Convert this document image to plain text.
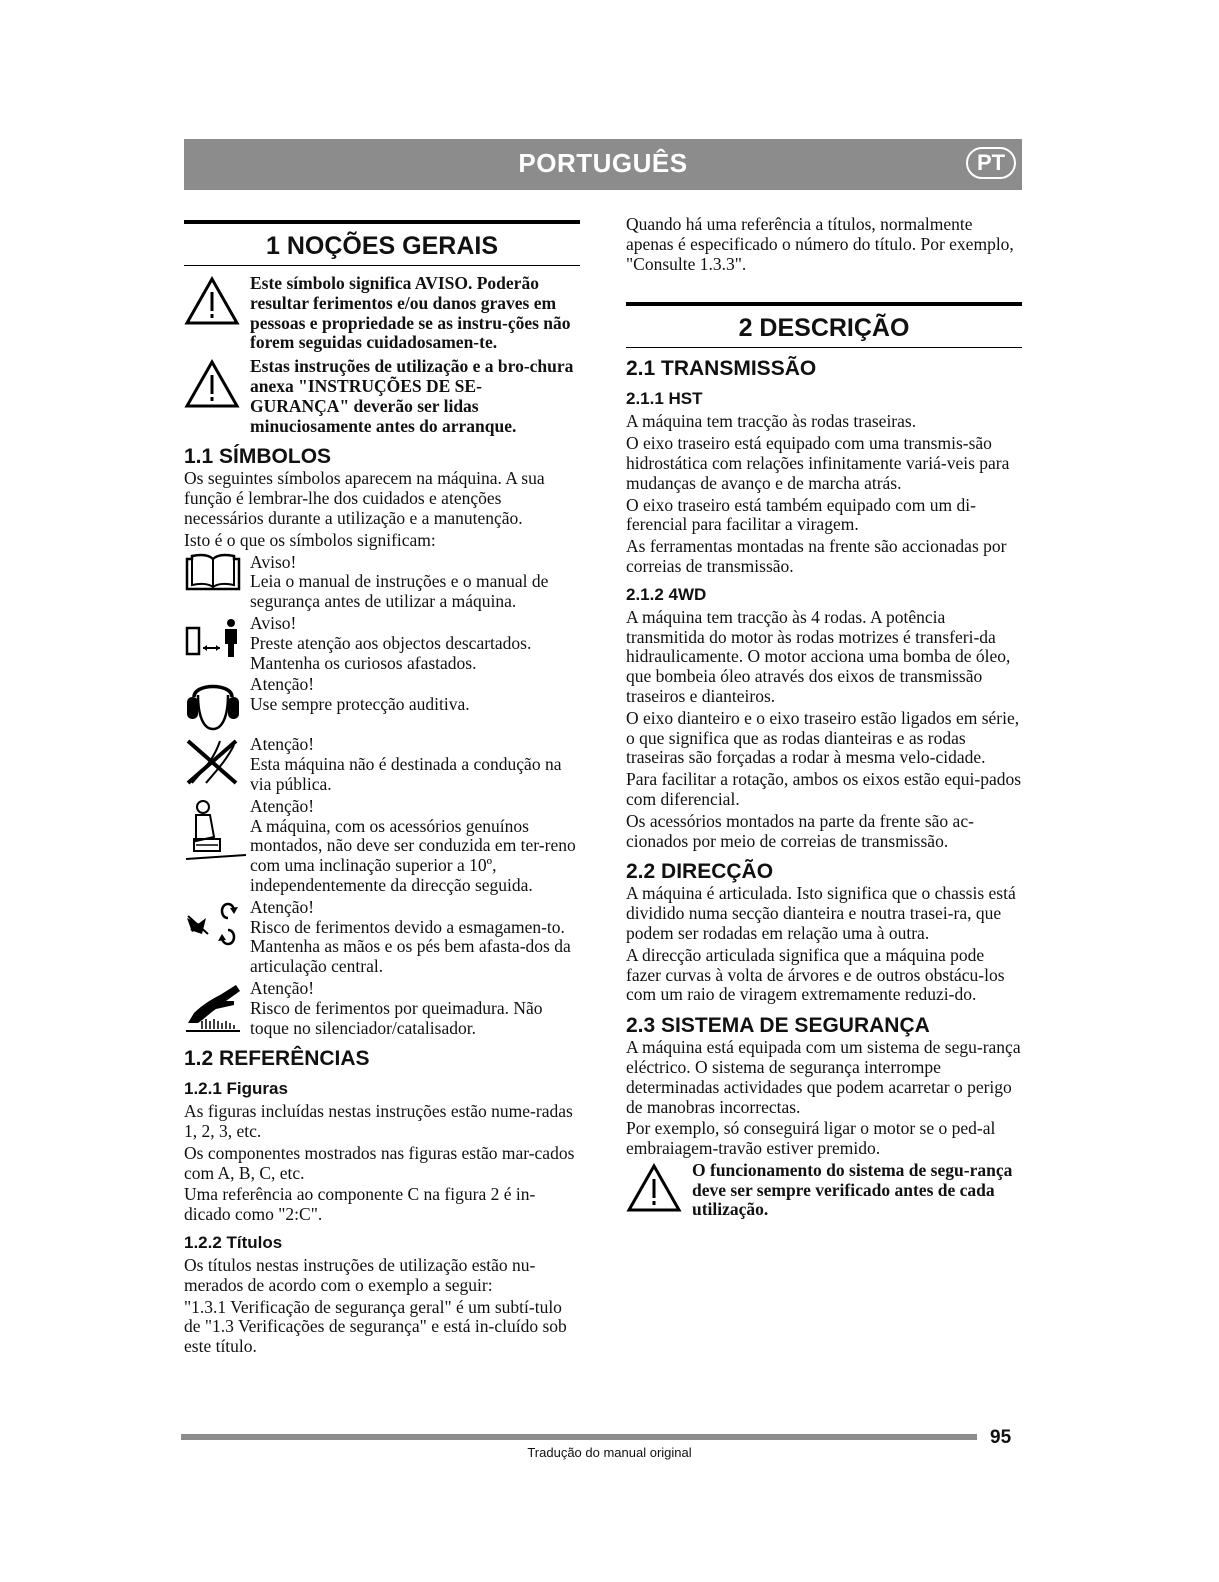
PORTUGUÊS	PT
1 NOÇÕES GERAIS
Este símbolo significa AVISO. Poderão resultar ferimentos e/ou danos graves em pessoas e propriedade se as instru-ções não forem seguidas cuidadosamen-te.
Estas instruções de utilização e a bro-chura anexa "INSTRUÇÕES DE SE-GURANÇA" deverão ser lidas minuciosamente antes do arranque.
1.1 SÍMBOLOS

Os seguintes símbolos aparecem na máquina. A sua função é lembrar-lhe dos cuidados e atenções necessários durante a utilização e a manutenção.

Isto é o que os símbolos significam:

Aviso!
Leia o manual de instruções e o manual de segurança antes de utilizar a máquina.
Aviso!
Preste atenção aos objectos descartados. Mantenha os curiosos afastados.
Atenção!
Use sempre protecção auditiva.
Atenção!
Esta máquina não é destinada a condução na via pública.
Atenção!
A máquina, com os acessórios genuínos montados, não deve ser conduzida em ter-reno com uma inclinação superior a 10º, independentemente da direcção seguida.
Atenção!
Risco de ferimentos devido a esmagamen-to. Mantenha as mãos e os pés bem afasta-dos da articulação central.
Atenção!
Risco de ferimentos por queimadura. Não toque no silenciador/catalisador.
1.2 REFERÊNCIAS
1.2.1 Figuras

As figuras incluídas nestas instruções estão nume-radas 1, 2, 3, etc.

Os componentes mostrados nas figuras estão mar-cados com A, B, C, etc.

Uma referência ao componente C na figura 2 é in-dicado como "2:C".

1.2.2 Títulos

Os títulos nestas instruções de utilização estão nu-merados de acordo com o exemplo a seguir:

"1.3.1 Verificação de segurança geral" é um subtí-tulo de "1.3 Verificações de segurança" e está in-cluído sob este título.

Quando há uma referência a títulos, normalmente apenas é especificado o número do título. Por exemplo, "Consulte 1.3.3".

2 DESCRIÇÃO
2.1 TRANSMISSÃO
2.1.1 HST

A máquina tem tracção às rodas traseiras.

O eixo traseiro está equipado com uma transmis-são hidrostática com relações infinitamente variá-veis para mudanças de avanço e de marcha atrás.

O eixo traseiro está também equipado com um di-ferencial para facilitar a viragem.

As ferramentas montadas na frente são accionadas por correias de transmissão.

2.1.2 4WD

A máquina tem tracção às 4 rodas. A potência transmitida do motor às rodas motrizes é transferi-da hidraulicamente. O motor acciona uma bomba de óleo, que bombeia óleo através dos eixos de transmissão traseiros e dianteiros.

O eixo dianteiro e o eixo traseiro estão ligados em série, o que significa que as rodas dianteiras e as rodas traseiras são forçadas a rodar à mesma velo-cidade.

Para facilitar a rotação, ambos os eixos estão equi-pados com diferencial.

Os acessórios montados na parte da frente são ac-cionados por meio de correias de transmissão.

2.2 DIRECÇÃO

A máquina é articulada. Isto significa que o chassis está dividido numa secção dianteira e noutra trasei-ra, que podem ser rodadas em relação uma à outra.

A direcção articulada significa que a máquina pode fazer curvas à volta de árvores e de outros obstácu-los com um raio de viragem extremamente reduzi-do.

2.3 SISTEMA DE SEGURANÇA

A máquina está equipada com um sistema de segu-rança eléctrico. O sistema de segurança interrompe determinadas actividades que podem acarretar o perigo de manobras incorrectas.

Por exemplo, só conseguirá ligar o motor se o ped-al embraiagem-travão estiver premido.

O funcionamento do sistema de segu-rança deve ser sempre verificado antes de cada utilização.
95
Tradução do manual original
